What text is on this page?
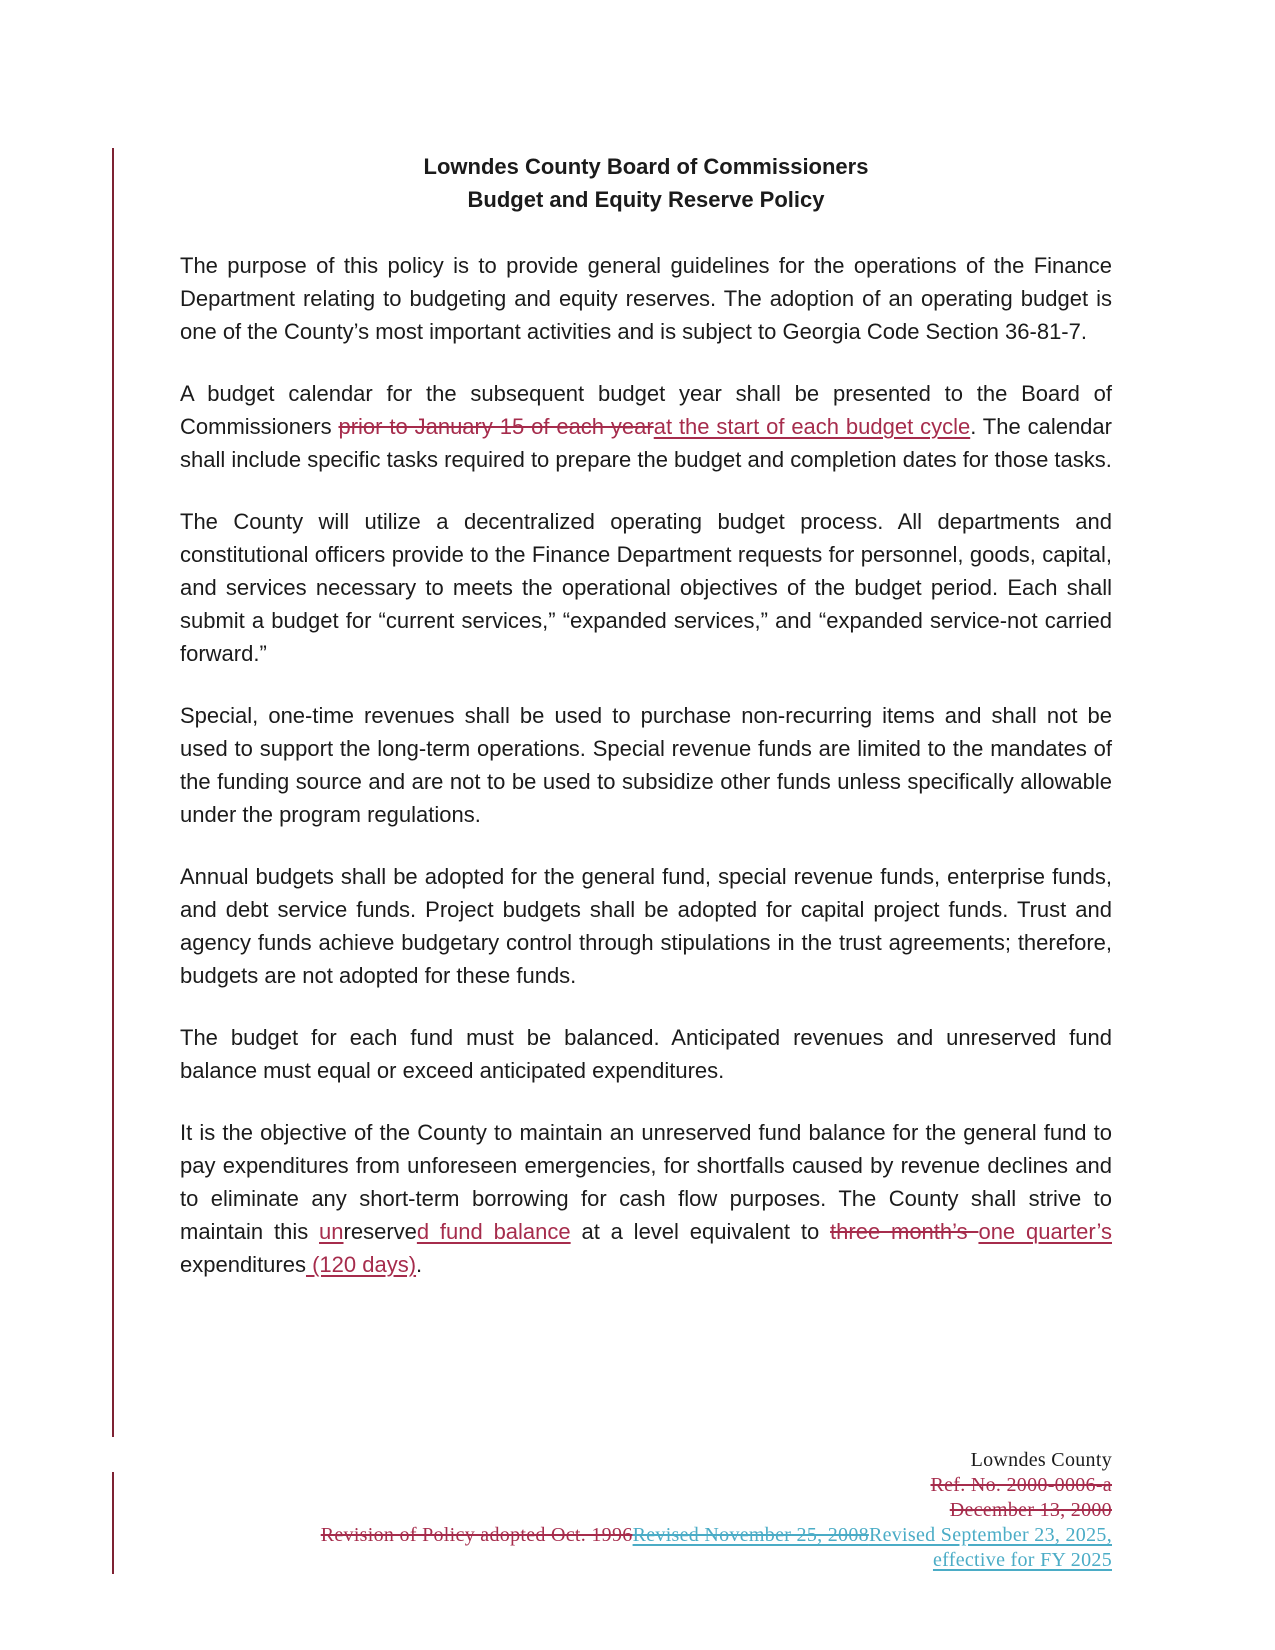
Lowndes County Board of Commissioners
Budget and Equity Reserve Policy

The purpose of this policy is to provide general guidelines for the operations of the Finance Department relating to budgeting and equity reserves. The adoption of an operating budget is one of the County’s most important activities and is subject to Georgia Code Section 36-81-7.

A budget calendar for the subsequent budget year shall be presented to the Board of Commissioners prior to January 15 of each yearat the start of each budget cycle. The calendar shall include specific tasks required to prepare the budget and completion dates for those tasks.

The County will utilize a decentralized operating budget process. All departments and constitutional officers provide to the Finance Department requests for personnel, goods, capital, and services necessary to meets the operational objectives of the budget period. Each shall submit a budget for “current services,” “expanded services,” and “expanded service-not carried forward.”

Special, one-time revenues shall be used to purchase non-recurring items and shall not be used to support the long-term operations. Special revenue funds are limited to the mandates of the funding source and are not to be used to subsidize other funds unless specifically allowable under the program regulations.

Annual budgets shall be adopted for the general fund, special revenue funds, enterprise funds, and debt service funds. Project budgets shall be adopted for capital project funds. Trust and agency funds achieve budgetary control through stipulations in the trust agreements; therefore, budgets are not adopted for these funds.

The budget for each fund must be balanced. Anticipated revenues and unreserved fund balance must equal or exceed anticipated expenditures.

It is the objective of the County to maintain an unreserved fund balance for the general fund to pay expenditures from unforeseen emergencies, for shortfalls caused by revenue declines and to eliminate any short-term borrowing for cash flow purposes. The County shall strive to maintain this unreserved fund balance at a level equivalent to three month’s one quarter’s expenditures (120 days).

Lowndes County
Ref. No. 2000-0006-a
December 13, 2000
Revision of Policy adopted Oct. 1996Revised November 25, 2008Revised September 23, 2025,
effective for FY 2025
